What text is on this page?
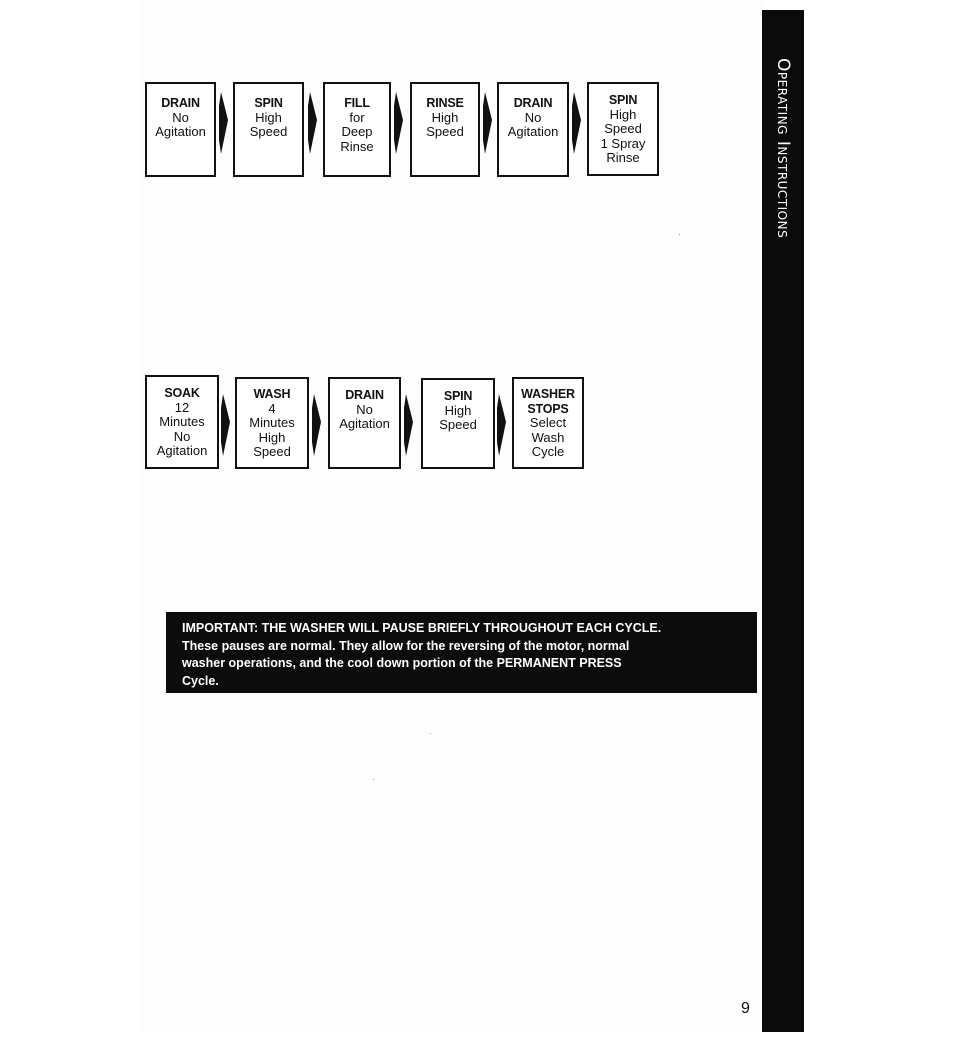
Operating Instructions
DRAIN
No
Agitation
SPIN
High
Speed
FILL
for
Deep
Rinse
RINSE
High
Speed
DRAIN
No
Agitation
SPIN
High
Speed
1 Spray
Rinse
SOAK
12
Minutes
No
Agitation
WASH
4
Minutes
High
Speed
DRAIN
No
Agitation
SPIN
High
Speed
WASHER
STOPS
Select
Wash
Cycle
IMPORTANT: THE WASHER WILL PAUSE BRIEFLY THROUGHOUT EACH CYCLE.
These pauses are normal. They allow for the reversing of the motor, normal
washer operations, and the cool down portion of the PERMANENT PRESS
Cycle.
9
